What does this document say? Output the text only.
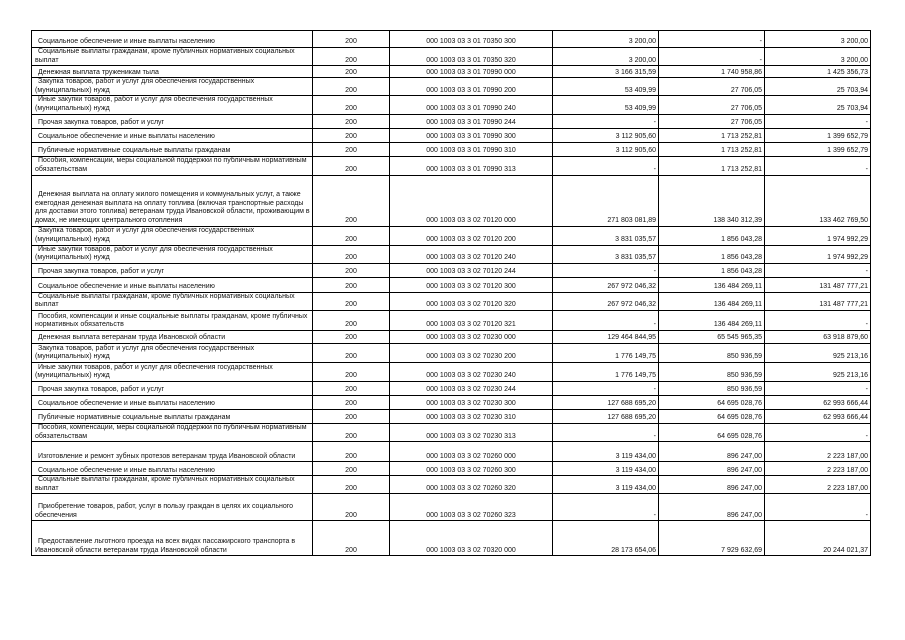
Социальное обеспечение и иные выплаты населению	200	000 1003 03 3 01 70350 300	3 200,00	-	3 200,00
Социальные выплаты гражданам, кроме публичных нормативных социальных выплат	200	000 1003 03 3 01 70350 320	3 200,00	-	3 200,00
Денежная выплата труженикам тыла	200	000 1003 03 3 01 70990 000	3 166 315,59	1 740 958,86	1 425 356,73
Закупка товаров, работ и услуг для обеспечения государственных (муниципальных) нужд	200	000 1003 03 3 01 70990 200	53 409,99	27 706,05	25 703,94
Иные закупки товаров, работ и услуг для обеспечения государственных (муниципальных) нужд	200	000 1003 03 3 01 70990 240	53 409,99	27 706,05	25 703,94
Прочая закупка товаров, работ и услуг	200	000 1003 03 3 01 70990 244	-	27 706,05	-
Социальное обеспечение и иные выплаты населению	200	000 1003 03 3 01 70990 300	3 112 905,60	1 713 252,81	1 399 652,79
Публичные нормативные социальные выплаты гражданам	200	000 1003 03 3 01 70990 310	3 112 905,60	1 713 252,81	1 399 652,79
Пособия, компенсации, меры социальной поддержки по публичным нормативным обязательствам	200	000 1003 03 3 01 70990 313	-	1 713 252,81	-
Денежная выплата на оплату жилого помещения и коммунальных услуг, а также ежегодная денежная выплата на оплату топлива (включая транспортные расходы для доставки этого топлива) ветеранам труда Ивановской области, проживающим в домах, не имеющих центрального отопления	200	000 1003 03 3 02 70120 000	271 803 081,89	138 340 312,39	133 462 769,50
Закупка товаров, работ и услуг для обеспечения государственных (муниципальных) нужд	200	000 1003 03 3 02 70120 200	3 831 035,57	1 856 043,28	1 974 992,29
Иные закупки товаров, работ и услуг для обеспечения государственных (муниципальных) нужд	200	000 1003 03 3 02 70120 240	3 831 035,57	1 856 043,28	1 974 992,29
Прочая закупка товаров, работ и услуг	200	000 1003 03 3 02 70120 244	-	1 856 043,28	-
Социальное обеспечение и иные выплаты населению	200	000 1003 03 3 02 70120 300	267 972 046,32	136 484 269,11	131 487 777,21
Социальные выплаты гражданам, кроме публичных нормативных социальных выплат	200	000 1003 03 3 02 70120 320	267 972 046,32	136 484 269,11	131 487 777,21
Пособия, компенсации и иные социальные выплаты гражданам, кроме публичных нормативных обязательств	200	000 1003 03 3 02 70120 321	-	136 484 269,11	-
Денежная выплата ветеранам труда Ивановской области	200	000 1003 03 3 02 70230 000	129 464 844,95	65 545 965,35	63 918 879,60
Закупка товаров, работ и услуг для обеспечения государственных (муниципальных) нужд	200	000 1003 03 3 02 70230 200	1 776 149,75	850 936,59	925 213,16
Иные закупки товаров, работ и услуг для обеспечения государственных (муниципальных) нужд	200	000 1003 03 3 02 70230 240	1 776 149,75	850 936,59	925 213,16
Прочая закупка товаров, работ и услуг	200	000 1003 03 3 02 70230 244	-	850 936,59	-
Социальное обеспечение и иные выплаты населению	200	000 1003 03 3 02 70230 300	127 688 695,20	64 695 028,76	62 993 666,44
Публичные нормативные социальные выплаты гражданам	200	000 1003 03 3 02 70230 310	127 688 695,20	64 695 028,76	62 993 666,44
Пособия, компенсации, меры социальной поддержки по публичным нормативным обязательствам	200	000 1003 03 3 02 70230 313	-	64 695 028,76	-
Изготовление и ремонт зубных протезов ветеранам труда Ивановской области	200	000 1003 03 3 02 70260 000	3 119 434,00	896 247,00	2 223 187,00
Социальное обеспечение и иные выплаты населению	200	000 1003 03 3 02 70260 300	3 119 434,00	896 247,00	2 223 187,00
Социальные выплаты гражданам, кроме публичных нормативных социальных выплат	200	000 1003 03 3 02 70260 320	3 119 434,00	896 247,00	2 223 187,00
Приобретение товаров, работ, услуг в пользу граждан в целях их социального обеспечения	200	000 1003 03 3 02 70260 323	-	896 247,00	-
Предоставление льготного проезда на всех видах пассажирского транспорта в Ивановской области ветеранам труда Ивановской области	200	000 1003 03 3 02 70320 000	28 173 654,06	7 929 632,69	20 244 021,37
